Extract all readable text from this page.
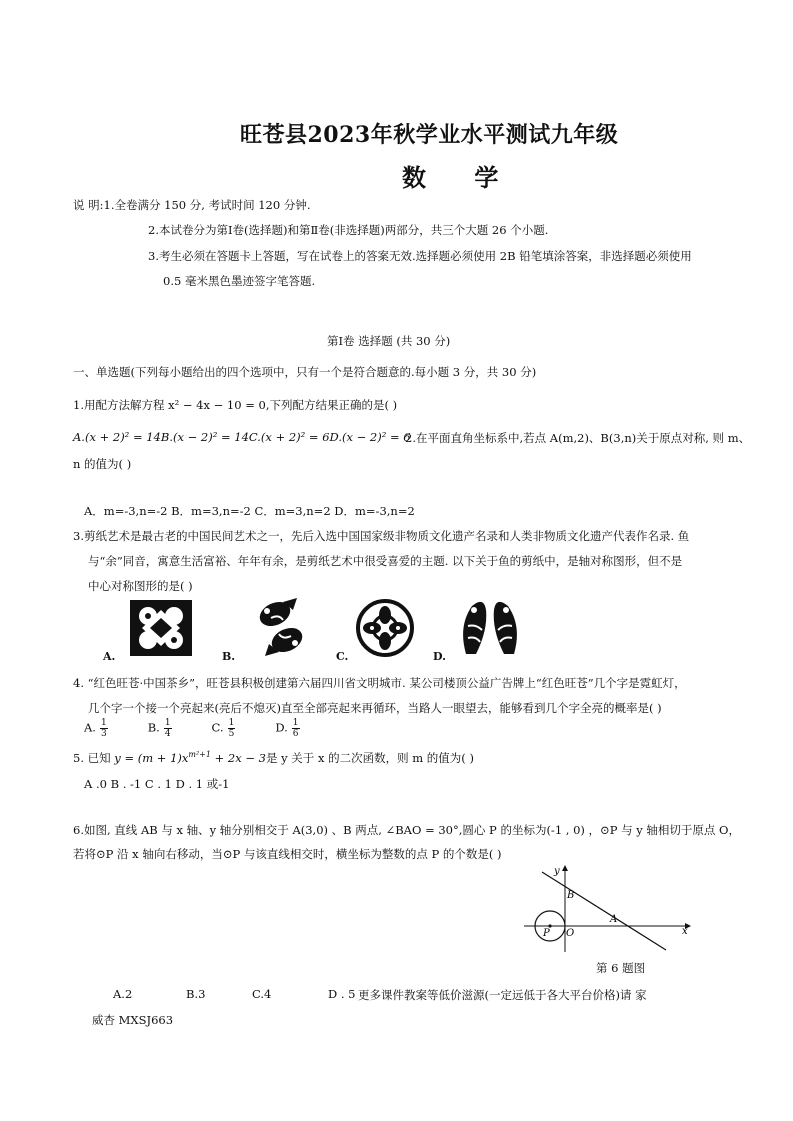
旺苍县2023年秋学业水平测试九年级
数 学
说 明:1.全卷满分 150 分, 考试时间 120 分钟.
2.本试卷分为第Ⅰ卷(选择题)和第Ⅱ卷(非选择题)两部分，共三个大题 26 个小题.
3.考生必须在答题卡上答题，写在试卷上的答案无效.选择题必须使用 2B 铅笔填涂答案，非选择题必须使用
0.5 毫米黑色墨迹签字笔答题.
第Ⅰ卷 选择题 (共 30 分)
一、单选题(下列每小题给出的四个选项中，只有一个是符合题意的.每小题 3 分，共 30 分)
1.用配方法解方程 x² − 4x − 10 = 0,下列配方结果正确的是( )
A.(x + 2)² = 14B.(x − 2)² = 14C.(x + 2)² = 6D.(x − 2)² = 6
2.在平面直角坐标系中,若点 A(m,2)、B(3,n)关于原点对称, 则 m、
n 的值为( )
A．m=-3,n=-2 B．m=3,n=-2 C．m=3,n=2 D．m=-3,n=2
3.剪纸艺术是最古老的中国民间艺术之一，先后入选中国国家级非物质文化遗产名录和人类非物质文化遗产代表作名录. 鱼
与“余”同音，寓意生活富裕、年年有余，是剪纸艺术中很受喜爱的主题. 以下关于鱼的剪纸中，是轴对称图形，但不是
中心对称图形的是( )
A.	B.	C.	D.
4. “红色旺苍·中国茶乡”，旺苍县积极创建第六届四川省文明城市. 某公司楼顶公益广告牌上“红色旺苍”几个字是霓虹灯，
几个字一个接一个亮起来(亮后不熄灭)直至全部亮起来再循环，当路人一眼望去，能够看到几个字全亮的概率是( )
A. $\frac{1}{3}$	B. $\frac{1}{4}$	C. $\frac{1}{5}$	D. $\frac{1}{6}$
5. 已知 $y = (m + 1)x^{m^2+1} + 2x - 3$是 y 关于 x 的二次函数，则 m 的值为( )
A .0 B . -1 C . 1 D . 1 或-1
6.如图, 直线 AB 与 x 轴、y 轴分别相交于 A(3,0) 、B 两点, ∠BAO = 30°,圆心 P 的坐标为(-1 , 0) ，⊙P 与 y 轴相切于原点 O，
若将⊙P 沿 x 轴向右移动，当⊙P 与该直线相交时，横坐标为整数的点 P 的个数是( )
y
x
B
A
P O
第 6 题图
A.2	B.3	C.4	D . 5 更多课件教案等低价滋源(一定远低于各大平台价格)请 家
威杏 MXSJ663
